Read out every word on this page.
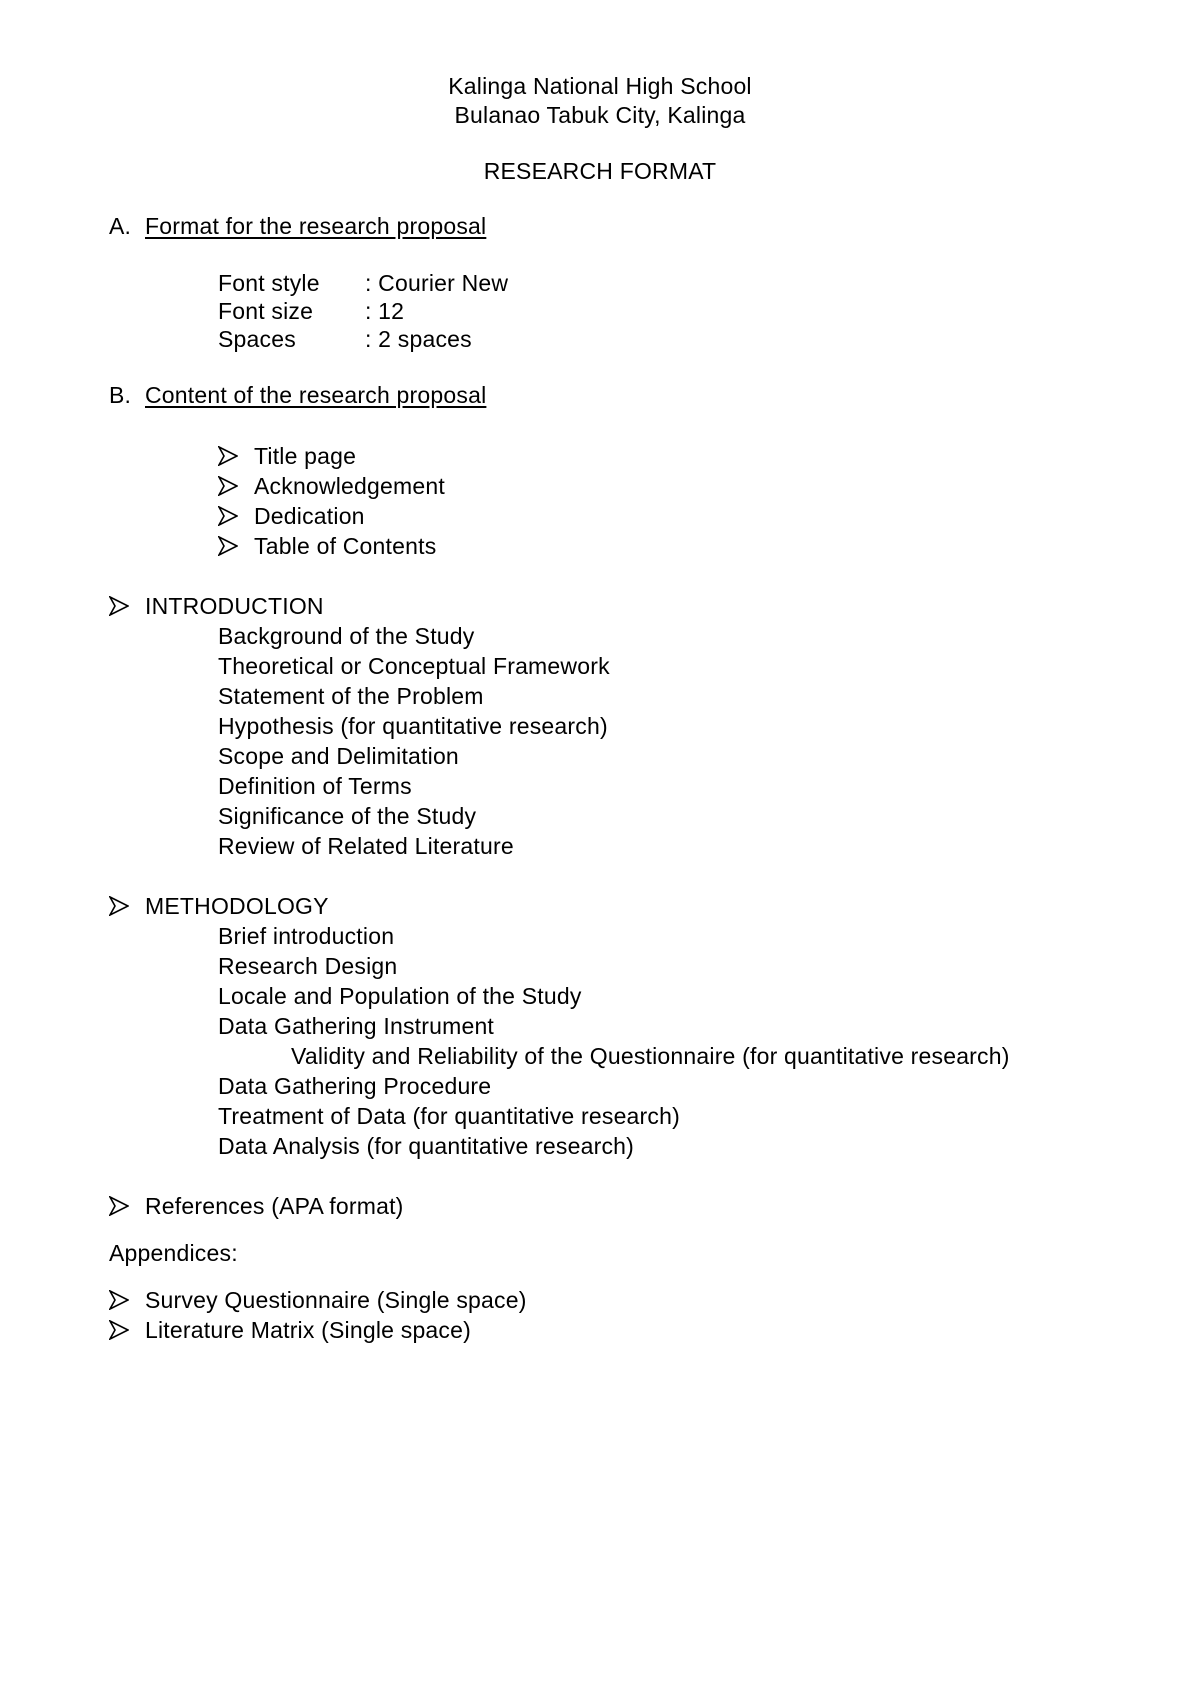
Kalinga National High School
Bulanao Tabuk City, Kalinga
RESEARCH FORMAT
A. Format for the research proposal
Font style : Courier New
Font size : 12
Spaces	: 2 spaces
B. Content of the research proposal
Title page
Acknowledgement
Dedication
Table of Contents
INTRODUCTION
Background of the Study
Theoretical or Conceptual Framework
Statement of the Problem
Hypothesis (for quantitative research)
Scope and Delimitation
Definition of Terms
Significance of the Study
Review of Related Literature
METHODOLOGY
Brief introduction
Research Design
Locale and Population of the Study
Data Gathering Instrument
Validity and Reliability of the Questionnaire (for quantitative research)
Data Gathering Procedure
Treatment of Data (for quantitative research)
Data Analysis (for quantitative research)
References (APA format)
Appendices:
Survey Questionnaire (Single space)
Literature Matrix (Single space)
